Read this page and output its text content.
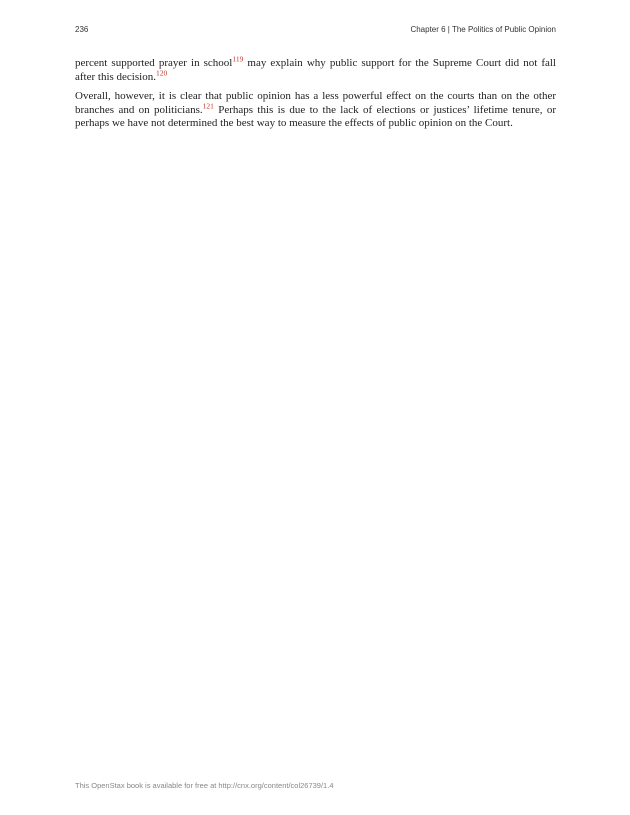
236	Chapter 6 | The Politics of Public Opinion

percent supported prayer in school$^{119}$ may explain why public support for the Supreme Court did not fall after this decision.$^{120}$

Overall, however, it is clear that public opinion has a less powerful effect on the courts than on the other branches and on politicians.$^{121}$ Perhaps this is due to the lack of elections or justices’ lifetime tenure, or perhaps we have not determined the best way to measure the effects of public opinion on the Court.

This OpenStax book is available for free at http://cnx.org/content/col26739/1.4
